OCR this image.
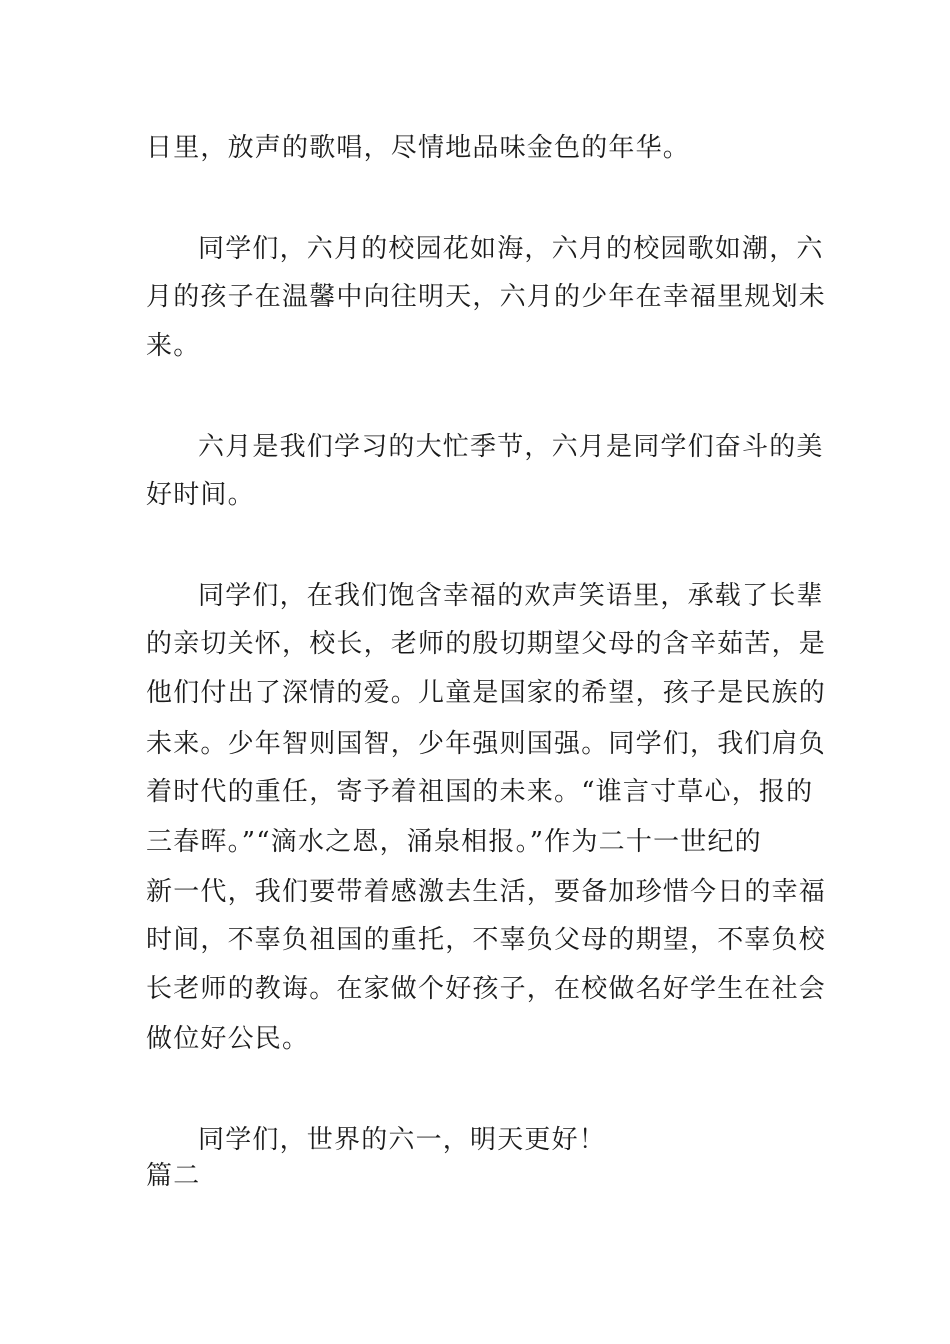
日里，放声的歌唱，尽情地品味金色的年华。
同学们，六月的校园花如海，六月的校园歌如潮，六
月的孩子在温馨中向往明天，六月的少年在幸福里规划未
来。
六月是我们学习的大忙季节，六月是同学们奋斗的美
好时间。
同学们，在我们饱含幸福的欢声笑语里，承载了长辈
的亲切关怀，校长，老师的殷切期望父母的含辛茹苦，是
他们付出了深情的爱。儿童是国家的希望，孩子是民族的
未来。少年智则国智，少年强则国强。同学们，我们肩负
着时代的重任，寄予着祖国的未来。“谁言寸草心，报的
三春晖。”“滴水之恩，涌泉相报。”作为二十一世纪的
新一代，我们要带着感激去生活，要备加珍惜今日的幸福
时间，不辜负祖国的重托，不辜负父母的期望，不辜负校
长老师的教诲。在家做个好孩子，在校做名好学生在社会
做位好公民。
同学们，世界的六一，明天更好！
篇二
